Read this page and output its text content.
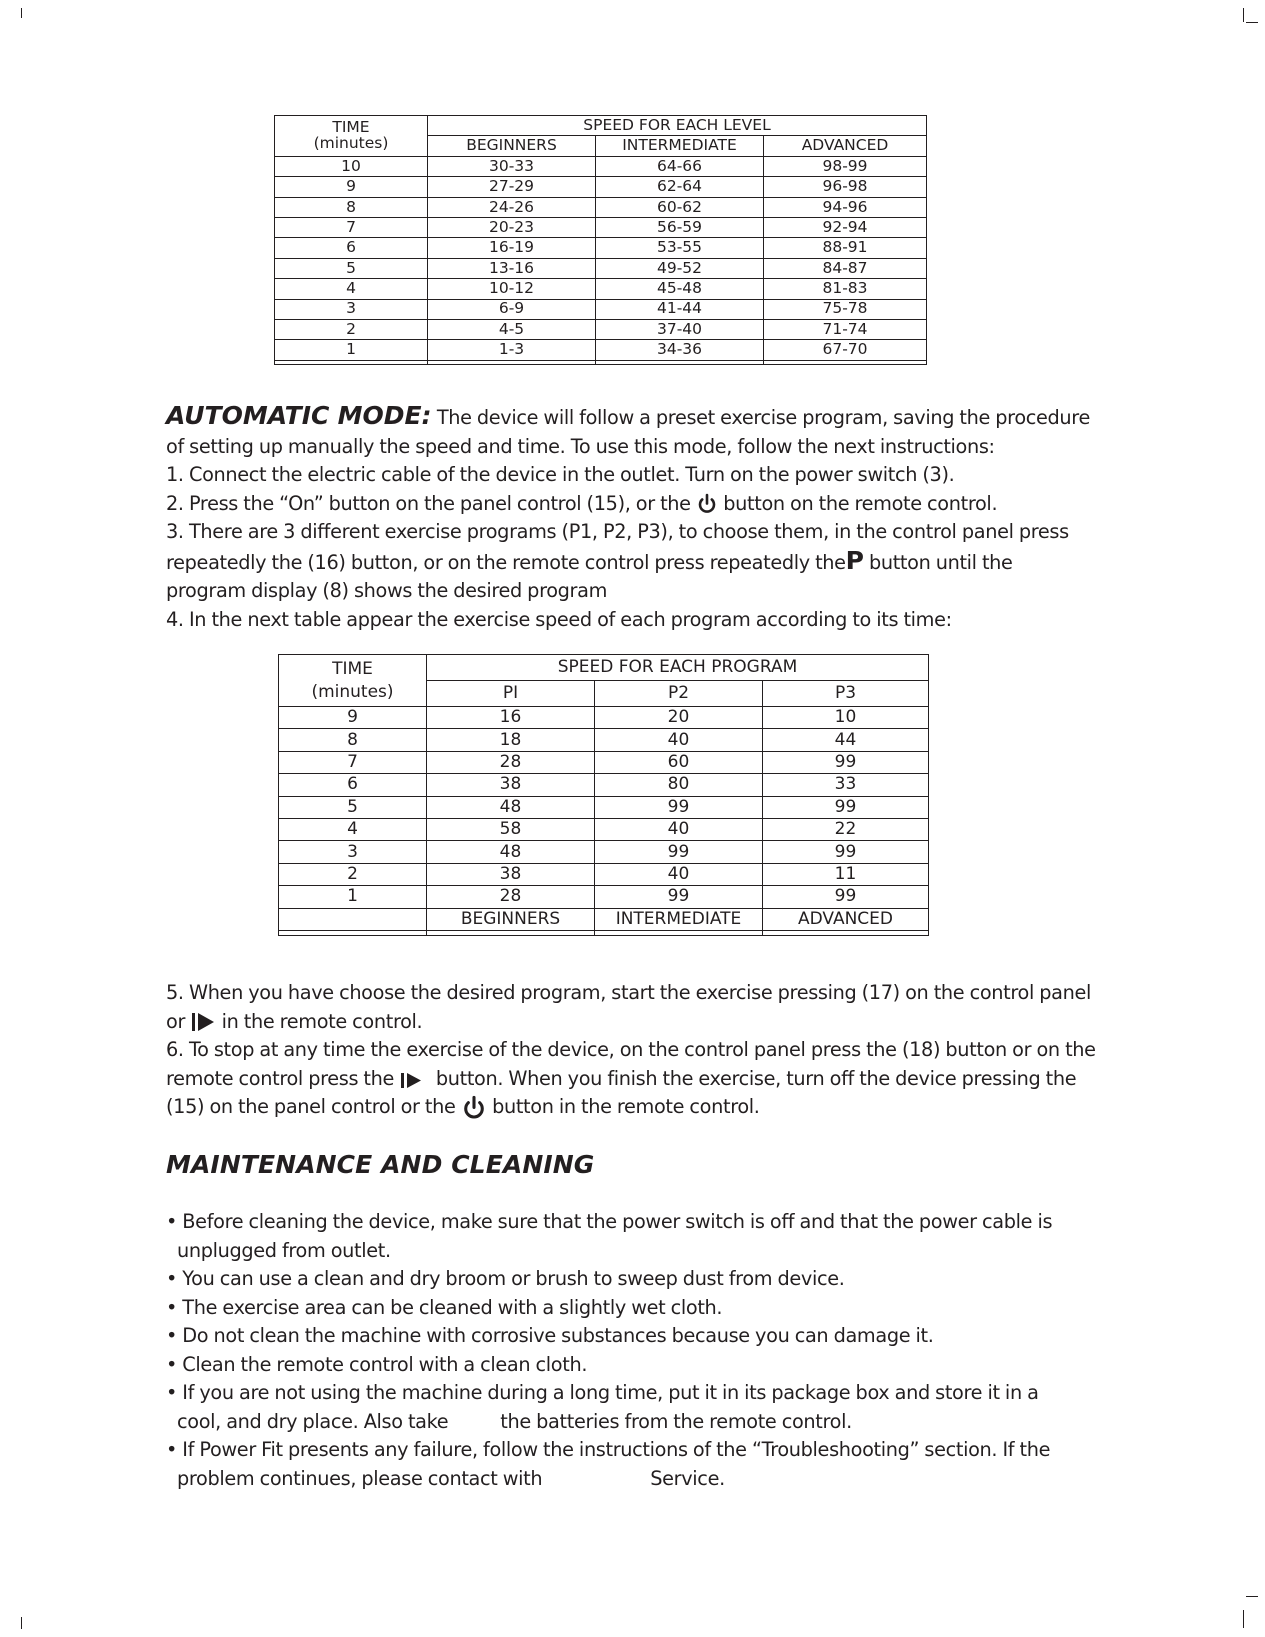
TIME
(minutes)	SPEED FOR EACH LEVEL		
	BEGINNERS	INTERMEDIATE	ADVANCED
10	30-33	64-66	98-99
9	27-29	62-64	96-98
8	24-26	60-62	94-96
7	20-23	56-59	92-94
6	16-19	53-55	88-91
5	13-16	49-52	84-87
4	10-12	45-48	81-83
3	6-9	41-44	75-78
2	4-5	37-40	71-74
1	1-3	34-36	67-70

AUTOMATIC MODE: The device will follow a preset exercise program, saving the procedure

of setting up manually the speed and time. To use this mode, follow the next instructions:

1. Connect the electric cable of the device in the outlet. Turn on the power switch (3).

2. Press the “On” button on the panel control (15), or the button on the remote control.

3. There are 3 different exercise programs (P1, P2, P3), to choose them, in the control panel press

repeatedly the (16) button, or on the remote control press repeatedly theP button until the

program display (8) shows the desired program

4. In the next table appear the exercise speed of each program according to its time:

TIME
(minutes)	SPEED FOR EACH PROGRAM		
	PI	P2	P3
9	16	20	10
8	18	40	44
7	28	60	99
6	38	80	33
5	48	99	99
4	58	40	22
3	48	99	99
2	38	40	11
1	28	99	99
	BEGINNERS	INTERMEDIATE	ADVANCED

5. When you have choose the desired program, start the exercise pressing (17) on the control panel

or in the remote control.

6. To stop at any time the exercise of the device, on the control panel press the (18) button or on the

remote control press the button. When you finish the exercise, turn off the device pressing the

(15) on the panel control or the button in the remote control.

MAINTENANCE AND CLEANING

• Before cleaning the device, make sure that the power switch is off and that the power cable is

unplugged from outlet.

• You can use a clean and dry broom or brush to sweep dust from device.

• The exercise area can be cleaned with a slightly wet cloth.

• Do not clean the machine with corrosive substances because you can damage it.

• Clean the remote control with a clean cloth.

• If you are not using the machine during a long time, put it in its package box and store it in a

cool, and dry place. Also take	the batteries from the remote control.

• If Power Fit presents any failure, follow the instructions of the “Troubleshooting” section. If the

problem continues, please contact with	Service.
